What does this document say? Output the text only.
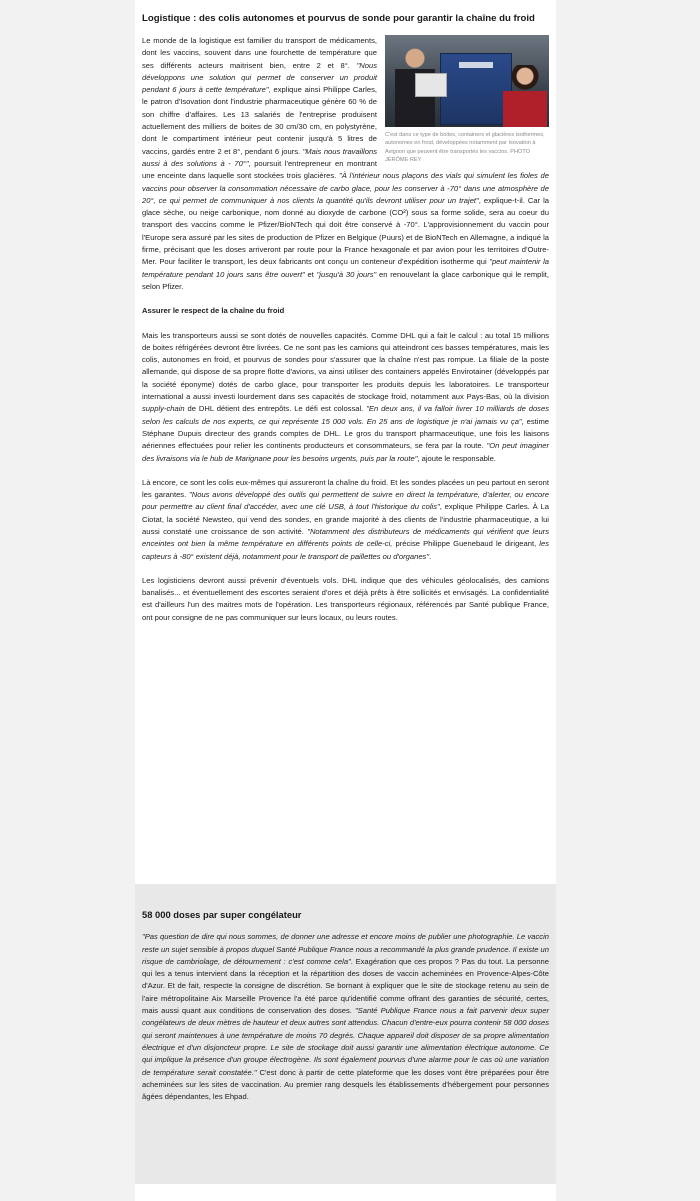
Logistique : des colis autonomes et pourvus de sonde pour garantir la chaîne du froid
C'est dans ce type de boites, containers et glacières isothermes, autonomes en froid, développées notamment par Isovation à Avignon que peuvent être transportés les vaccins. PHOTO JÉRÔME REY

Le monde de la logistique est familier du transport de médicaments, dont les vaccins, souvent dans une fourchette de température que ses différents acteurs maitrisent bien, entre 2 et 8°. "Nous développons une solution qui permet de conserver un produit pendant 6 jours à cette température", explique ainsi Philippe Carles, le patron d'Isovation dont l'industrie pharmaceutique génère 60 % de son chiffre d'affaires. Les 13 salariés de l'entreprise produisent actuellement des milliers de boites de 30 cm/30 cm, en polystyrène, dont le compartiment intérieur peut contenir jusqu'à 5 litres de vaccins, gardés entre 2 et 8°, pendant 6 jours. "Mais nous travaillons aussi à des solutions à - 70°", poursuit l'entrepreneur en montrant une enceinte dans laquelle sont stockées trois glacières. "À l'intérieur nous plaçons des vials qui simulent les fioles de vaccins pour observer la consommation nécessaire de carbo glace, pour les conserver à -70° dans une atmosphère de 20°, ce qui permet de communiquer à nos clients la quantité qu'ils devront utiliser pour un trajet", explique-t-il. Car la glace sèche, ou neige carbonique, nom donné au dioxyde de carbone (CO²) sous sa forme solide, sera au coeur du transport des vaccins comme le Pfizer/BioNTech qui doit être conservé à -70°. L'approvisionnement du vaccin pour l'Europe sera assuré par les sites de production de Pfizer en Belgique (Puurs) et de BioNTech en Allemagne, a indiqué la firme, précisant que les doses arriveront par route pour la France hexagonale et par avion pour les territoires d'Outre-Mer. Pour faciliter le transport, les deux fabricants ont conçu un conteneur d'expédition isotherme qui "peut maintenir la température pendant 10 jours sans être ouvert" et "jusqu'à 30 jours" en renouvelant la glace carbonique qui le remplit, selon Pfizer.

Assurer le respect de la chaîne du froid

Mais les transporteurs aussi se sont dotés de nouvelles capacités. Comme DHL qui a fait le calcul : au total 15 millions de boites réfrigérées devront être livrées. Ce ne sont pas les camions qui atteindront ces basses températures, mais les colis, autonomes en froid, et pourvus de sondes pour s'assurer que la chaîne n'est pas rompue. La filiale de la poste allemande, qui dispose de sa propre flotte d'avions, va ainsi utiliser des containers appelés Envirotainer (développés par la société éponyme) dotés de carbo glace, pour transporter les produits depuis les laboratoires. Le transporteur international a aussi investi lourdement dans ses capacités de stockage froid, notamment aux Pays-Bas, où la division supply-chain de DHL détient des entrepôts. Le défi est colossal. "En deux ans, il va falloir livrer 10 milliards de doses selon les calculs de nos experts, ce qui représente 15 000 vols. En 25 ans de logistique je n'ai jamais vu ça", estime Stéphane Dupuis directeur des grands comptes de DHL. Le gros du transport pharmaceutique, une fois les liaisons aériennes effectuées pour relier les continents producteurs et consommateurs, se fera par la route. "On peut imaginer des livraisons via le hub de Marignane pour les besoins urgents, puis par la route", ajoute le responsable.

Là encore, ce sont les colis eux-mêmes qui assureront la chaîne du froid. Et les sondes placées un peu partout en seront les garantes. "Nous avons développé des outils qui permettent de suivre en direct la température, d'alerter, ou encore pour permettre au client final d'accéder, avec une clé USB, à tout l'historique du colis", explique Philippe Carles. À La Ciotat, la société Newsteo, qui vend des sondes, en grande majorité à des clients de l'industrie pharmaceutique, a lui aussi constaté une croissance de son activité. "Notamment des distributeurs de médicaments qui vérifient que leurs enceintes ont bien la même température en différents points de celle-ci, précise Philippe Guenebaud le dirigeant, les capteurs à -80° existent déjà, notamment pour le transport de paillettes ou d'organes".

Les logisticiens devront aussi prévenir d'éventuels vols. DHL indique que des véhicules géolocalisés, des camions banalisés... et éventuellement des escortes seraient d'ores et déjà prêts à être sollicités et envisagés. La confidentialité est d'ailleurs l'un des maitres mots de l'opération. Les transporteurs régionaux, référencés par Santé publique France, ont pour consigne de ne pas communiquer sur leurs locaux, ou leurs routes.

58 000 doses par super congélateur

"Pas question de dire qui nous sommes, de donner une adresse et encore moins de publier une photographie. Le vaccin reste un sujet sensible à propos duquel Santé Publique France nous a recommandé la plus grande prudence. Il existe un risque de cambriolage, de détournement : c'est comme cela". Exagération que ces propos ? Pas du tout. La personne qui les a tenus intervient dans la réception et la répartition des doses de vaccin acheminées en Provence-Alpes-Côte d'Azur. Et de fait, respecte la consigne de discrétion. Se bornant à expliquer que le site de stockage retenu au sein de l'aire métropolitaine Aix Marseille Provence l'a été parce qu'identifié comme offrant des garanties de sécurité, certes, mais aussi quant aux conditions de conservation des doses. "Santé Publique France nous a fait parvenir deux super congélateurs de deux mètres de hauteur et deux autres sont attendus. Chacun d'entre-eux pourra contenir 58 000 doses qui seront maintenues à une température de moins 70 degrés. Chaque appareil doit disposer de sa propre alimentation électrique et d'un disjoncteur propre. Le site de stockage doit aussi garantir une alimentation électrique autonome. Ce qui implique la présence d'un groupe électrogène. Ils sont également pourvus d'une alarme pour le cas où une variation de température serait constatée." C'est donc à partir de cette plateforme que les doses vont être préparées pour être acheminées sur les sites de vaccination. Au premier rang desquels les établissements d'hébergement pour personnes âgées dépendantes, les Ehpad.
